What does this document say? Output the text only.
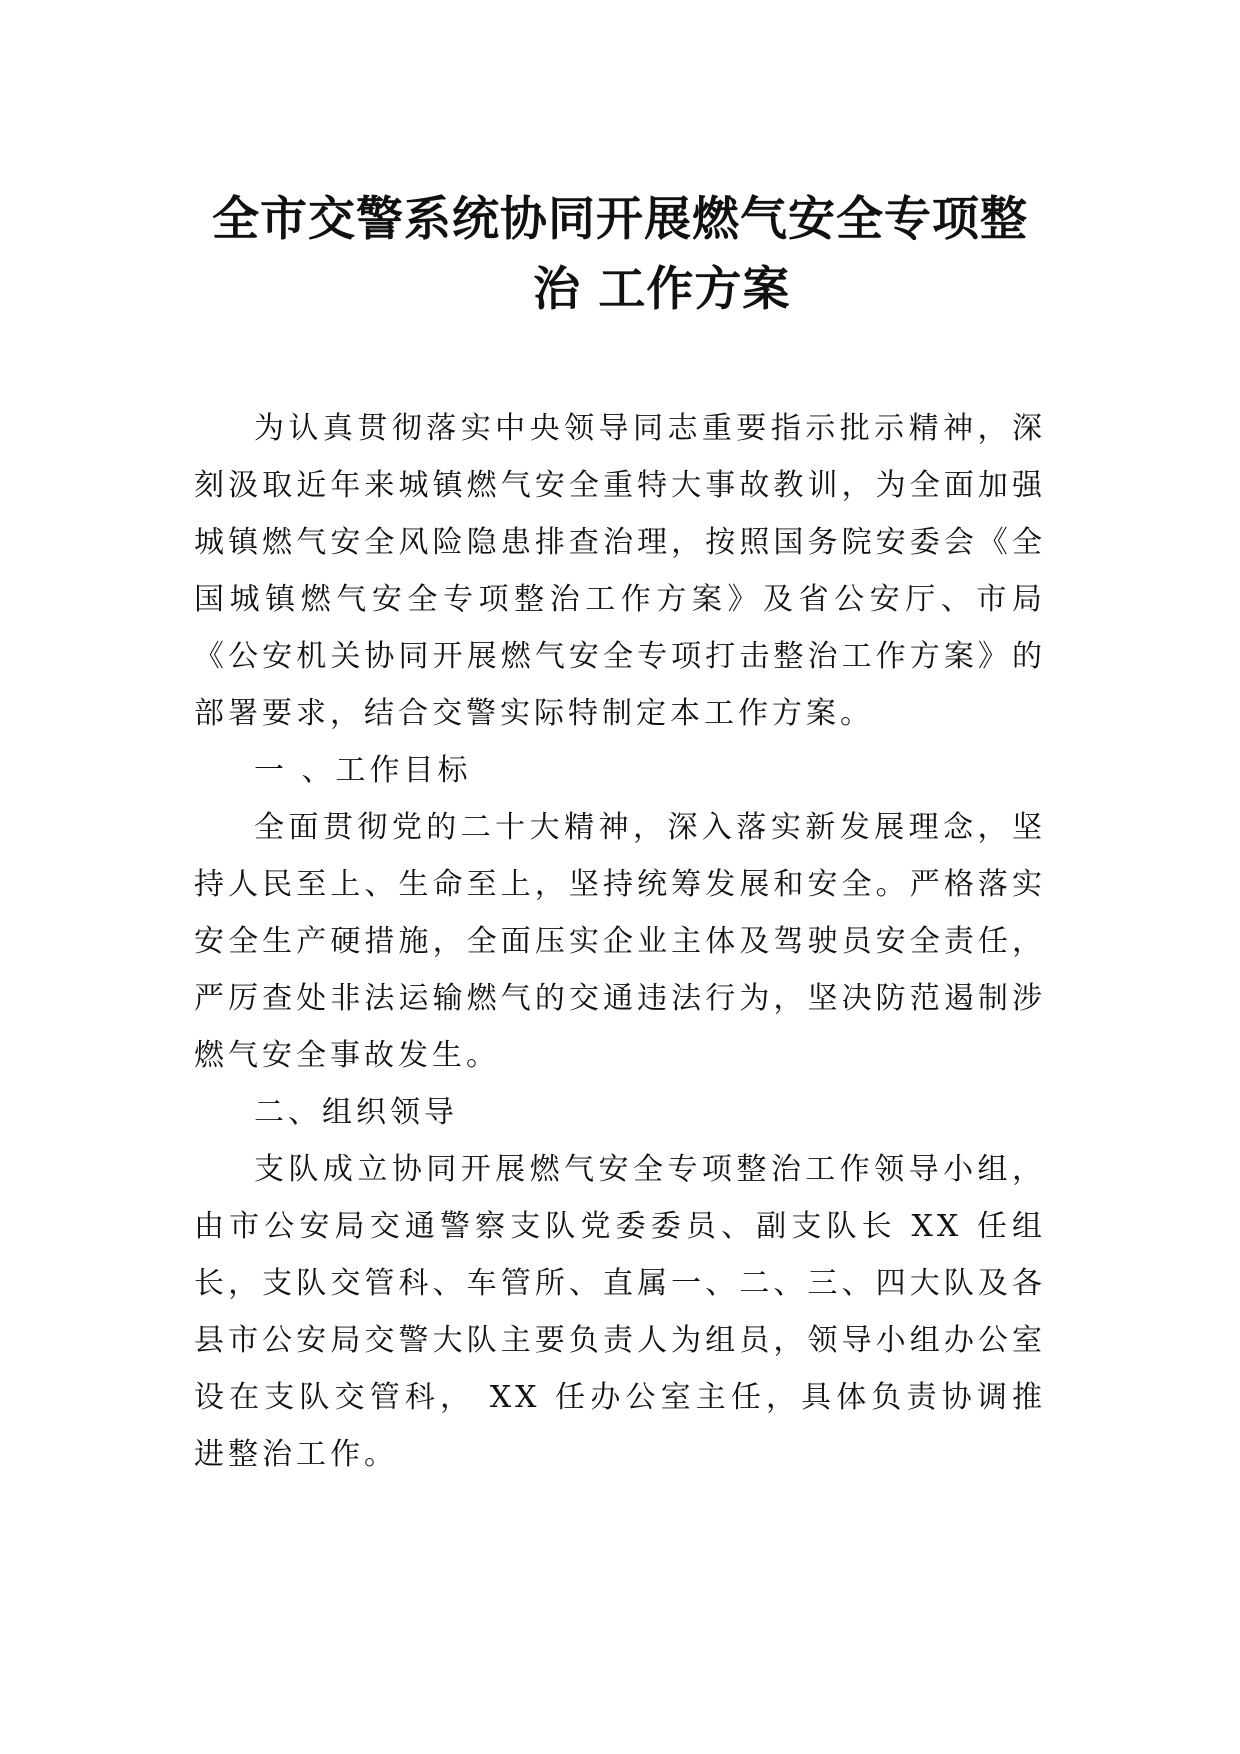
全市交警系统协同开展燃气安全专项整
治 工作方案

为认真贯彻落实中央领导同志重要指示批示精神，深刻汲取近年来城镇燃气安全重特大事故教训，为全面加强城镇燃气安全风险隐患排查治理，按照国务院安委会《全国城镇燃气安全专项整治工作方案》及省公安厅、市局《公安机关协同开展燃气安全专项打击整治工作方案》的部署要求，结合交警实际特制定本工作方案。

一 、工作目标

全面贯彻党的二十大精神，深入落实新发展理念，坚持人民至上、生命至上，坚持统筹发展和安全。严格落实安全生产硬措施，全面压实企业主体及驾驶员安全责任，严厉查处非法运输燃气的交通违法行为，坚决防范遏制涉燃气安全事故发生。

二、组织领导

支队成立协同开展燃气安全专项整治工作领导小组，由市公安局交通警察支队党委委员、副支队长 XX 任组长，支队交管科、车管所、直属一、二、三、四大队及各县市公安局交警大队主要负责人为组员，领导小组办公室设在支队交管科， XX 任办公室主任，具体负责协调推进整治工作。
